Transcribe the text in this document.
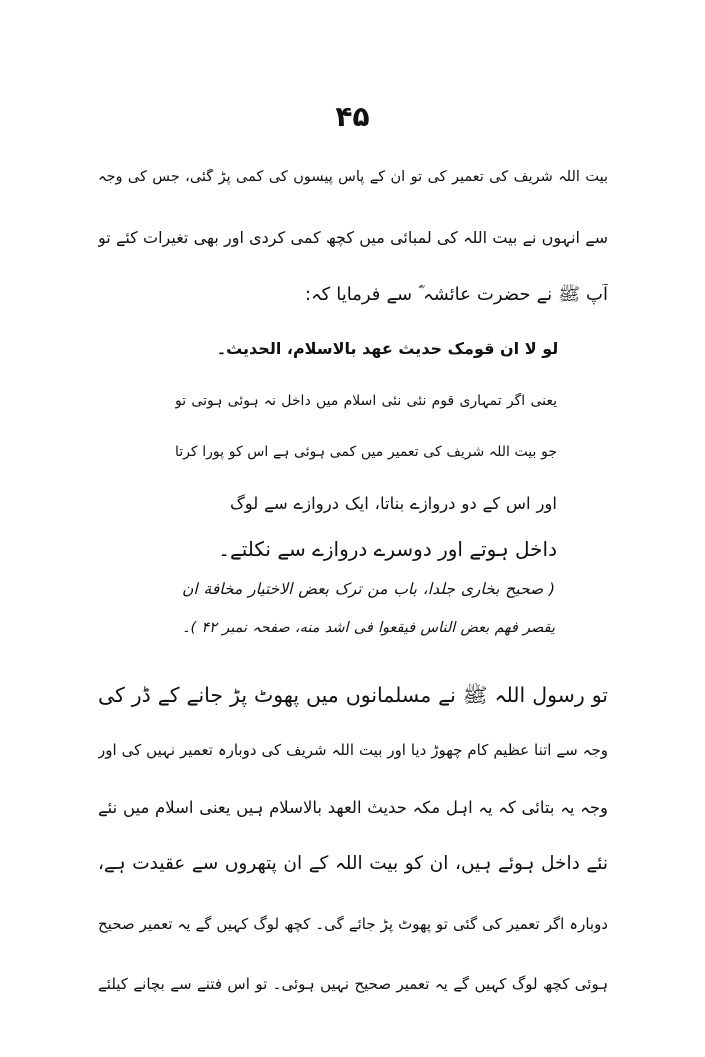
۴۵
بیت اللہ شریف کی تعمیر کی تو ان کے پاس پیسوں کی کمی پڑ گئی، جس کی وجہ
سے انہوں نے بیت اللہ کی لمبائی میں کچھ کمی کردی اور بھی تغیرات کئے تو
آپ ﷺ نے حضرت عائشہ ؓ سے فرمایا کہ:
لو لا ان قومک حدیث عهد بالاسلام، الحدیث۔
یعنی اگر تمہاری قوم نئی نئی اسلام میں داخل نہ ہوئی ہوتی تو
جو بیت اللہ شریف کی تعمیر میں کمی ہوئی ہے اس کو پورا کرتا
اور اس کے دو دروازے بناتا، ایک دروازے سے لوگ
داخل ہوتے اور دوسرے دروازے سے نکلتے۔
( صحیح بخاری جلدا، باب من ترک بعض الاختیار مخافة ان
یقصر فهم بعض الناس فیقعوا فی اشد منه، صفحہ نمبر ۴۲ )۔
تو رسول اللہ ﷺ نے مسلمانوں میں پھوٹ پڑ جانے کے ڈر کی
وجہ سے اتنا عظیم کام چھوڑ دیا اور بیت اللہ شریف کی دوبارہ تعمیر نہیں کی اور
وجہ یہ بتائی کہ یہ اہل مکہ حدیث العهد بالاسلام ہیں یعنی اسلام میں نئے
نئے داخل ہوئے ہیں، ان کو بیت اللہ کے ان پتھروں سے عقیدت ہے،
دوبارہ اگر تعمیر کی گئی تو پھوٹ پڑ جائے گی۔ کچھ لوگ کہیں گے یہ تعمیر صحیح
ہوئی کچھ لوگ کہیں گے یہ تعمیر صحیح نہیں ہوئی۔ تو اس فتنے سے بچانے کیلئے
